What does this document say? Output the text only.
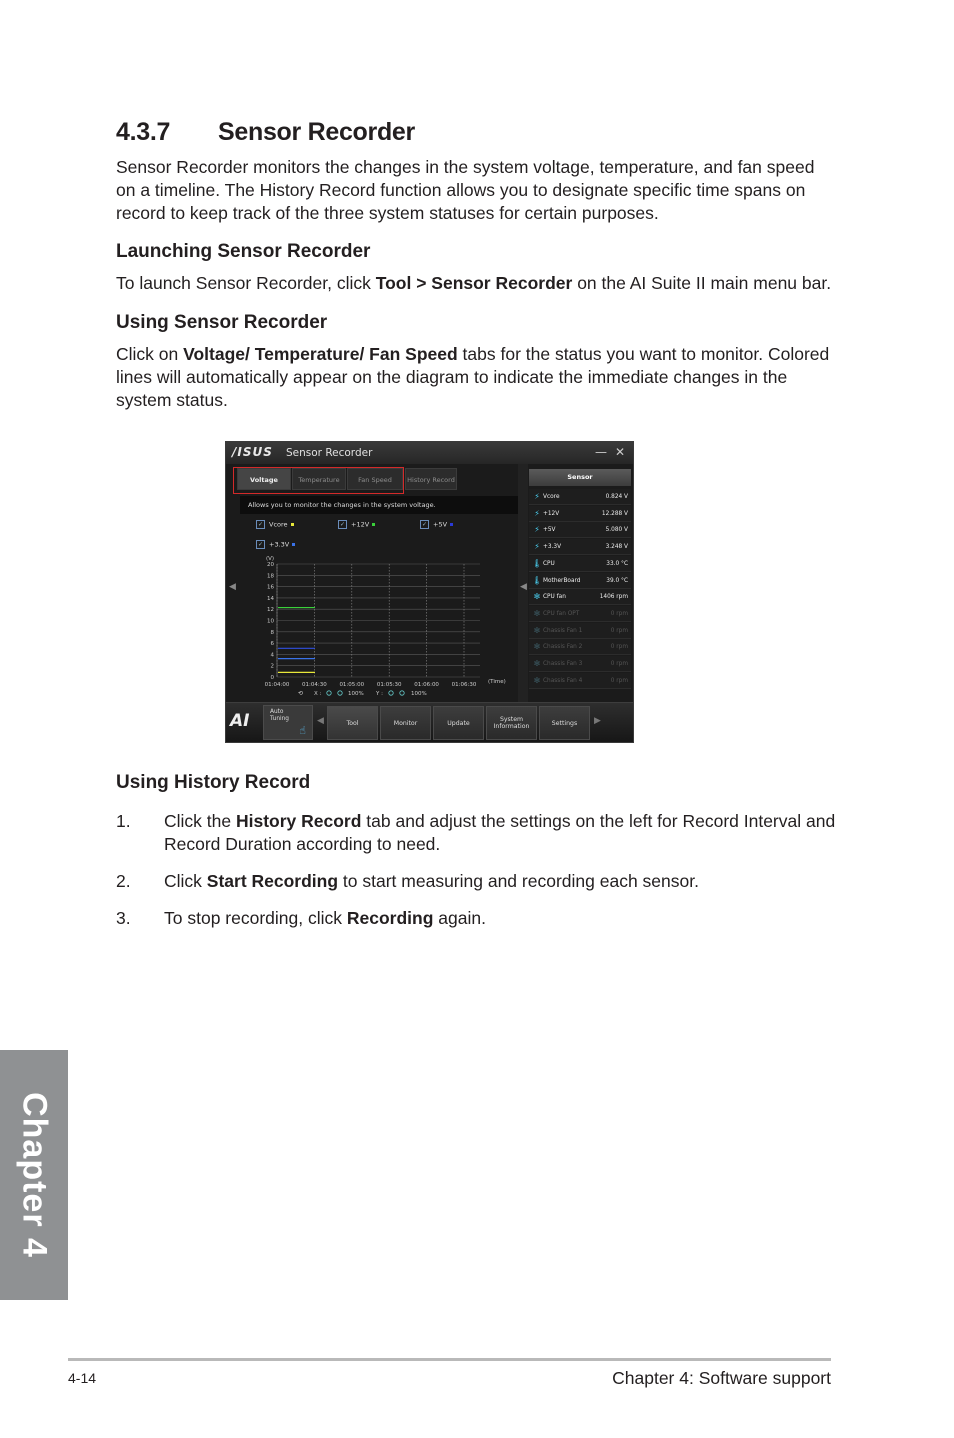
4.3.7 Sensor Recorder

Sensor Recorder monitors the changes in the system voltage, temperature, and fan speed on a timeline. The History Record function allows you to designate specific time spans on record to keep track of the three system statuses for certain purposes.

Launching Sensor Recorder

To launch Sensor Recorder, click Tool > Sensor Recorder on the AI Suite II main menu bar.

Using Sensor Recorder

Click on Voltage/ Temperature/ Fan Speed tabs for the status you want to monitor. Colored lines will automatically appear on the diagram to indicate the immediate changes in the system status.

/ISUS Sensor Recorder	— ✕
Voltage	Temperature	Fan Speed	History Record
Allows you to monitor the changes in the system voltage.
✓ Vcore	✓ +12V	✓ +5V
✓ +3.3V
◀
(V)
20
18
16
14
12
10
8
6
4
2
0
01:04:00 01:04:30 01:05:00 01:05:30 01:06:00 01:06:30 (Time)
⟲ X :	100% Y :	100%
◀
Sensor
⚡ Vcore	0.824 V
⚡ +12V	12.288 V
⚡ +5V	5.080 V
⚡ +3.3V	3.248 V
🌡 CPU	33.0 °C
🌡 MotherBoard	39.0 °C
✻ CPU fan	1406 rpm
✻ CPU fan OPT	0 rpm
✻ Chassis Fan 1	0 rpm
✻ Chassis Fan 2	0 rpm
✻ Chassis Fan 3	0 rpm
✻ Chassis Fan 4	0 rpm
AI	Auto
Tuning
☝
◀	Tool	Monitor	Update	System Information	Settings	▶
Using History Record
1. Click the History Record tab and adjust the settings on the left for Record Interval and Record Duration according to need.
2. Click Start Recording to start measuring and recording each sensor.
3. To stop recording, click Recording again.
Chapter 4
4-14	Chapter 4: Software support
